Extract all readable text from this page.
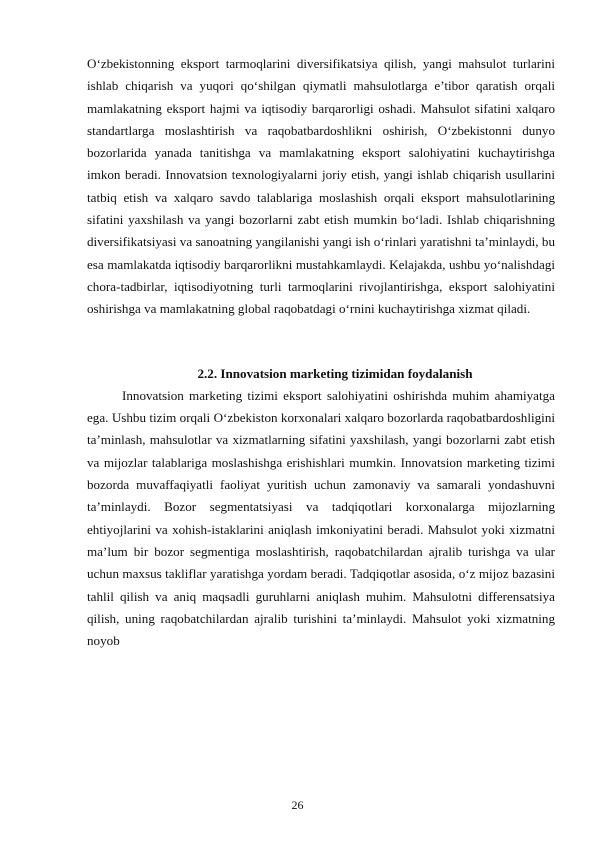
O‘zbekistonning eksport tarmoqlarini diversifikatsiya qilish, yangi mahsulot turlarini ishlab chiqarish va yuqori qo‘shilgan qiymatli mahsulotlarga e’tibor qaratish orqali mamlakatning eksport hajmi va iqtisodiy barqarorligi oshadi. Mahsulot sifatini xalqaro standartlarga moslashtirish va raqobatbardoshlikni oshirish, O‘zbekistonni dunyo bozorlarida yanada tanitishga va mamlakatning eksport salohiyatini kuchaytirishga imkon beradi. Innovatsion texnologiyalarni joriy etish, yangi ishlab chiqarish usullarini tatbiq etish va xalqaro savdo talablariga moslashish orqali eksport mahsulotlarining sifatini yaxshilash va yangi bozorlarni zabt etish mumkin bo‘ladi. Ishlab chiqarishning diversifikatsiyasi va sanoatning yangilanishi yangi ish o‘rinlari yaratishni ta’minlaydi, bu esa mamlakatda iqtisodiy barqarorlikni mustahkamlaydi. Kelajakda, ushbu yo‘nalishdagi chora-tadbirlar, iqtisodiyotning turli tarmoqlarini rivojlantirishga, eksport salohiyatini oshirishga va mamlakatning global raqobatdagi o‘rnini kuchaytirishga xizmat qiladi.

2.2. Innovatsion marketing tizimidan foydalanish

Innovatsion marketing tizimi eksport salohiyatini oshirishda muhim ahamiyatga ega. Ushbu tizim orqali O‘zbekiston korxonalari xalqaro bozorlarda raqobatbardoshligini ta’minlash, mahsulotlar va xizmatlarning sifatini yaxshilash, yangi bozorlarni zabt etish va mijozlar talablariga moslashishga erishishlari mumkin. Innovatsion marketing tizimi bozorda muvaffaqiyatli faoliyat yuritish uchun zamonaviy va samarali yondashuvni ta’minlaydi. Bozor segmentatsiyasi va tadqiqotlari korxonalarga mijozlarning ehtiyojlarini va xohish-istaklarini aniqlash imkoniyatini beradi. Mahsulot yoki xizmatni ma’lum bir bozor segmentiga moslashtirish, raqobatchilardan ajralib turishga va ular uchun maxsus takliflar yaratishga yordam beradi. Tadqiqotlar asosida, o‘z mijoz bazasini tahlil qilish va aniq maqsadli guruhlarni aniqlash muhim. Mahsulotni differensatsiya qilish, uning raqobatchilardan ajralib turishini ta’minlaydi. Mahsulot yoki xizmatning noyob

26
